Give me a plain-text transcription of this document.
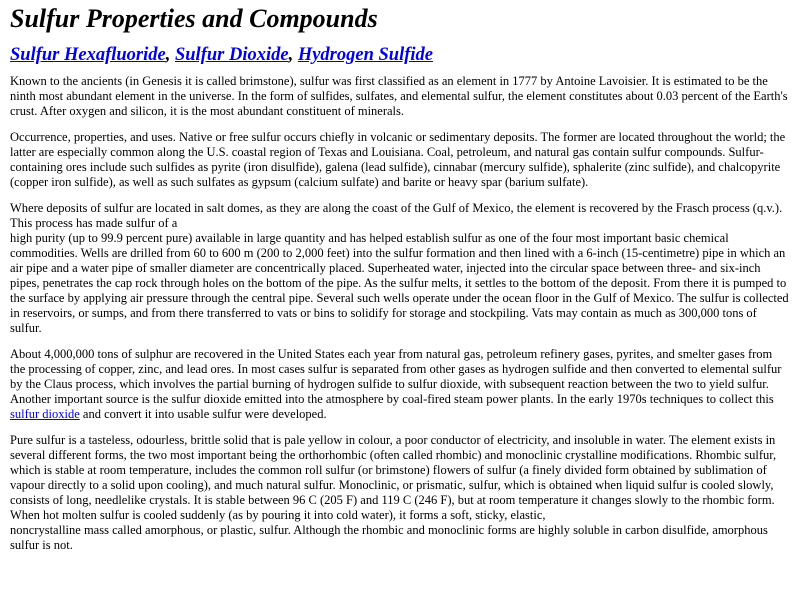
Sulfur Properties and Compounds
Sulfur Hexafluoride, Sulfur Dioxide, Hydrogen Sulfide

Known to the ancients (in Genesis it is called brimstone), sulfur was first classified as an element in 1777 by Antoine Lavoisier. It is estimated to be the ninth most abundant element in the universe. In the form of sulfides, sulfates, and elemental sulfur, the element constitutes about 0.03 percent of the Earth's crust. After oxygen and silicon, it is the most abundant constituent of minerals.

Occurrence, properties, and uses. Native or free sulfur occurs chiefly in volcanic or sedimentary deposits. The former are located throughout the world; the latter are especially common along the U.S. coastal region of Texas and Louisiana. Coal, petroleum, and natural gas contain sulfur compounds. Sulfur-containing ores include such sulfides as pyrite (iron disulfide), galena (lead sulfide), cinnabar (mercury sulfide), sphalerite (zinc sulfide), and chalcopyrite (copper iron sulfide), as well as such sulfates as gypsum (calcium sulfate) and barite or heavy spar (barium sulfate).

Where deposits of sulfur are located in salt domes, as they are along the coast of the Gulf of Mexico, the element is recovered by the Frasch process (q.v.). This process has made sulfur of a
high purity (up to 99.9 percent pure) available in large quantity and has helped establish sulfur as one of the four most important basic chemical commodities. Wells are drilled from 60 to 600 m (200 to 2,000 feet) into the sulfur formation and then lined with a 6-inch (15-centimetre) pipe in which an air pipe and a water pipe of smaller diameter are concentrically placed. Superheated water, injected into the circular space between three- and six-inch pipes, penetrates the cap rock through holes on the bottom of the pipe. As the sulfur melts, it settles to the bottom of the deposit. From there it is pumped to the surface by applying air pressure through the central pipe. Several such wells operate under the ocean floor in the Gulf of Mexico. The sulfur is collected in reservoirs, or sumps, and from there transferred to vats or bins to solidify for storage and stockpiling. Vats may contain as much as 300,000 tons of sulfur.

About 4,000,000 tons of sulphur are recovered in the United States each year from natural gas, petroleum refinery gases, pyrites, and smelter gases from the processing of copper, zinc, and lead ores. In most cases sulfur is separated from other gases as hydrogen sulfide and then converted to elemental sulfur by the Claus process, which involves the partial burning of hydrogen sulfide to sulfur dioxide, with subsequent reaction between the two to yield sulfur. Another important source is the sulfur dioxide emitted into the atmosphere by coal-fired steam power plants. In the early 1970s techniques to collect this sulfur dioxide and convert it into usable sulfur were developed.

Pure sulfur is a tasteless, odourless, brittle solid that is pale yellow in colour, a poor conductor of electricity, and insoluble in water. The element exists in several different forms, the two most important being the orthorhombic (often called rhombic) and monoclinic crystalline modifications. Rhombic sulfur, which is stable at room temperature, includes the common roll sulfur (or brimstone) flowers of sulfur (a finely divided form obtained by sublimation of vapour directly to a solid upon cooling), and much natural sulfur. Monoclinic, or prismatic, sulfur, which is obtained when liquid sulfur is cooled slowly, consists of long, needlelike crystals. It is stable between 96 C (205 F) and 119 C (246 F), but at room temperature it changes slowly to the rhombic form. When hot molten sulfur is cooled suddenly (as by pouring it into cold water), it forms a soft, sticky, elastic,
noncrystalline mass called amorphous, or plastic, sulfur. Although the rhombic and monoclinic forms are highly soluble in carbon disulfide, amorphous sulfur is not.
